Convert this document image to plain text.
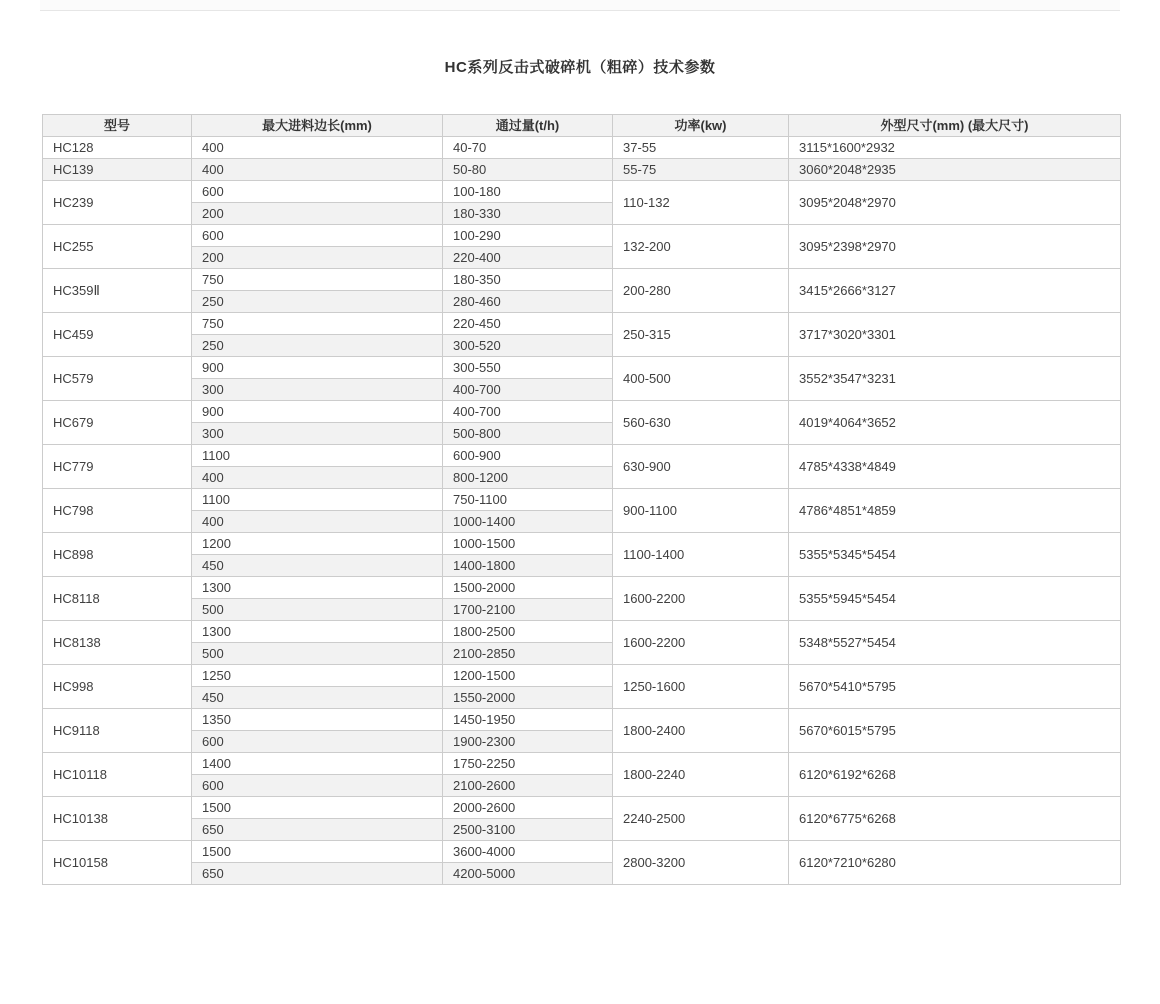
HC系列反击式破碎机（粗碎）技术参数
型号	最大进料边长(mm)	通过量(t/h)	功率(kw)	外型尺寸(mm) (最大尺寸)
HC128	400	40-70	37-55	3115*1600*2932
HC139	400	50-80	55-75	3060*2048*2935
HC239	600	100-180	110-132	3095*2048*2970
	200	180-330		
HC255	600	100-290	132-200	3095*2398*2970
	200	220-400		
HC359Ⅱ	750	180-350	200-280	3415*2666*3127
	250	280-460		
HC459	750	220-450	250-315	3717*3020*3301
	250	300-520		
HC579	900	300-550	400-500	3552*3547*3231
	300	400-700		
HC679	900	400-700	560-630	4019*4064*3652
	300	500-800		
HC779	1100	600-900	630-900	4785*4338*4849
	400	800-1200		
HC798	1100	750-1100	900-1100	4786*4851*4859
	400	1000-1400		
HC898	1200	1000-1500	1100-1400	5355*5345*5454
	450	1400-1800		
HC8118	1300	1500-2000	1600-2200	5355*5945*5454
	500	1700-2100		
HC8138	1300	1800-2500	1600-2200	5348*5527*5454
	500	2100-2850		
HC998	1250	1200-1500	1250-1600	5670*5410*5795
	450	1550-2000		
HC9118	1350	1450-1950	1800-2400	5670*6015*5795
	600	1900-2300		
HC10118	1400	1750-2250	1800-2240	6120*6192*6268
	600	2100-2600		
HC10138	1500	2000-2600	2240-2500	6120*6775*6268
	650	2500-3100		
HC10158	1500	3600-4000	2800-3200	6120*7210*6280
	650	4200-5000		
